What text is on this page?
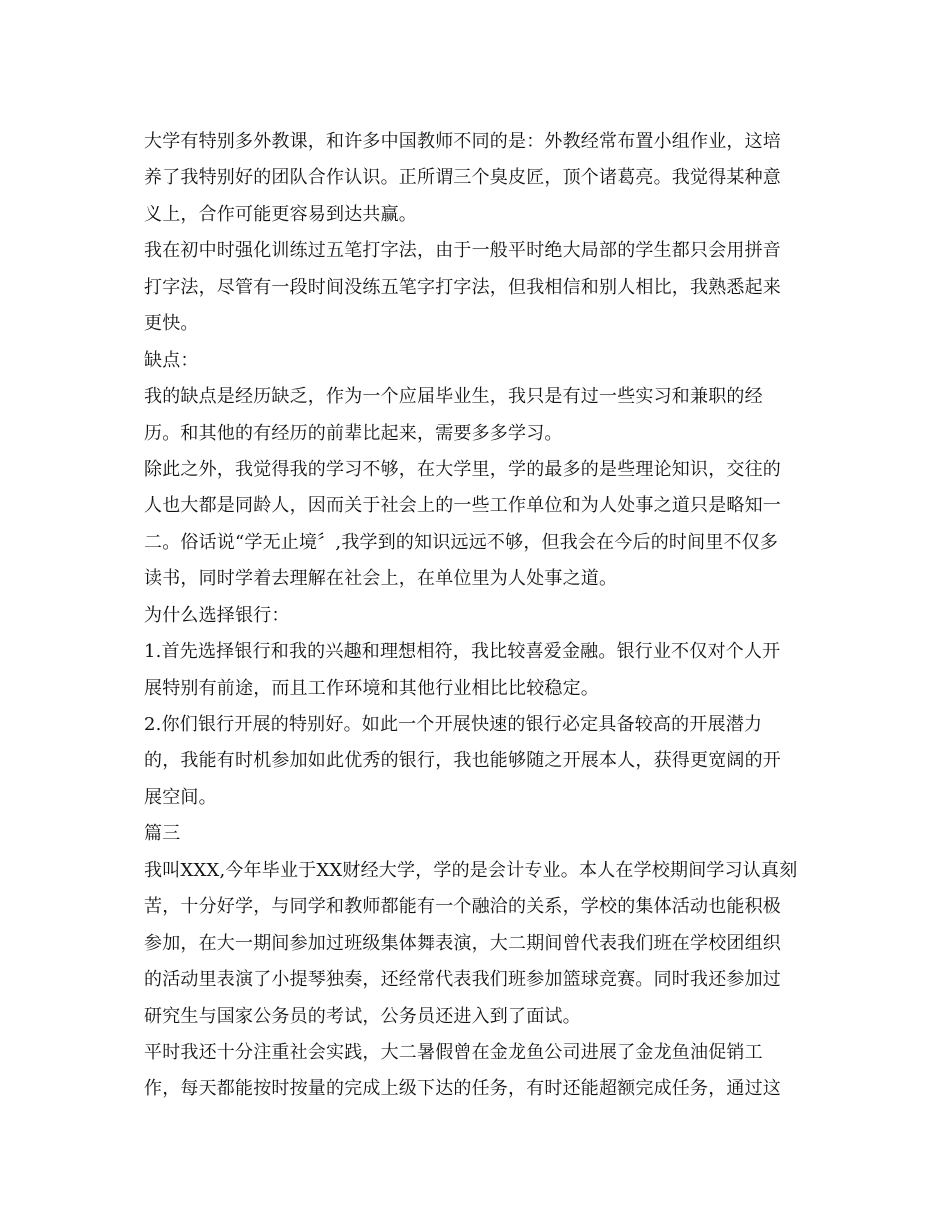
大学有特别多外教课，和许多中国教师不同的是：外教经常布置小组作业，这培
养了我特别好的团队合作认识。正所谓三个臭皮匠，顶个诸葛亮。我觉得某种意
义上，合作可能更容易到达共赢。
我在初中时强化训练过五笔打字法，由于一般平时绝大局部的学生都只会用拼音
打字法，尽管有一段时间没练五笔字打字法，但我相信和别人相比，我熟悉起来
更快。
缺点：
我的缺点是经历缺乏，作为一个应届毕业生，我只是有过一些实习和兼职的经
历。和其他的有经历的前辈比起来，需要多多学习。
除此之外，我觉得我的学习不够，在大学里，学的最多的是些理论知识，交往的
人也大都是同龄人，因而关于社会上的一些工作单位和为人处事之道只是略知一
二。俗话说“学无止境〞,我学到的知识远远不够，但我会在今后的时间里不仅多
读书，同时学着去理解在社会上，在单位里为人处事之道。
为什么选择银行：
1.首先选择银行和我的兴趣和理想相符，我比较喜爱金融。银行业不仅对个人开
展特别有前途，而且工作环境和其他行业相比比较稳定。
2.你们银行开展的特别好。如此一个开展快速的银行必定具备较高的开展潜力
的，我能有时机参加如此优秀的银行，我也能够随之开展本人，获得更宽阔的开
展空间。
篇三
我叫XXX,今年毕业于XX财经大学，学的是会计专业。本人在学校期间学习认真刻
苦，十分好学，与同学和教师都能有一个融洽的关系，学校的集体活动也能积极
参加，在大一期间参加过班级集体舞表演，大二期间曾代表我们班在学校团组织
的活动里表演了小提琴独奏，还经常代表我们班参加篮球竞赛。同时我还参加过
研究生与国家公务员的考试，公务员还进入到了面试。
平时我还十分注重社会实践，大二暑假曾在金龙鱼公司进展了金龙鱼油促销工
作，每天都能按时按量的完成上级下达的任务，有时还能超额完成任务，通过这
